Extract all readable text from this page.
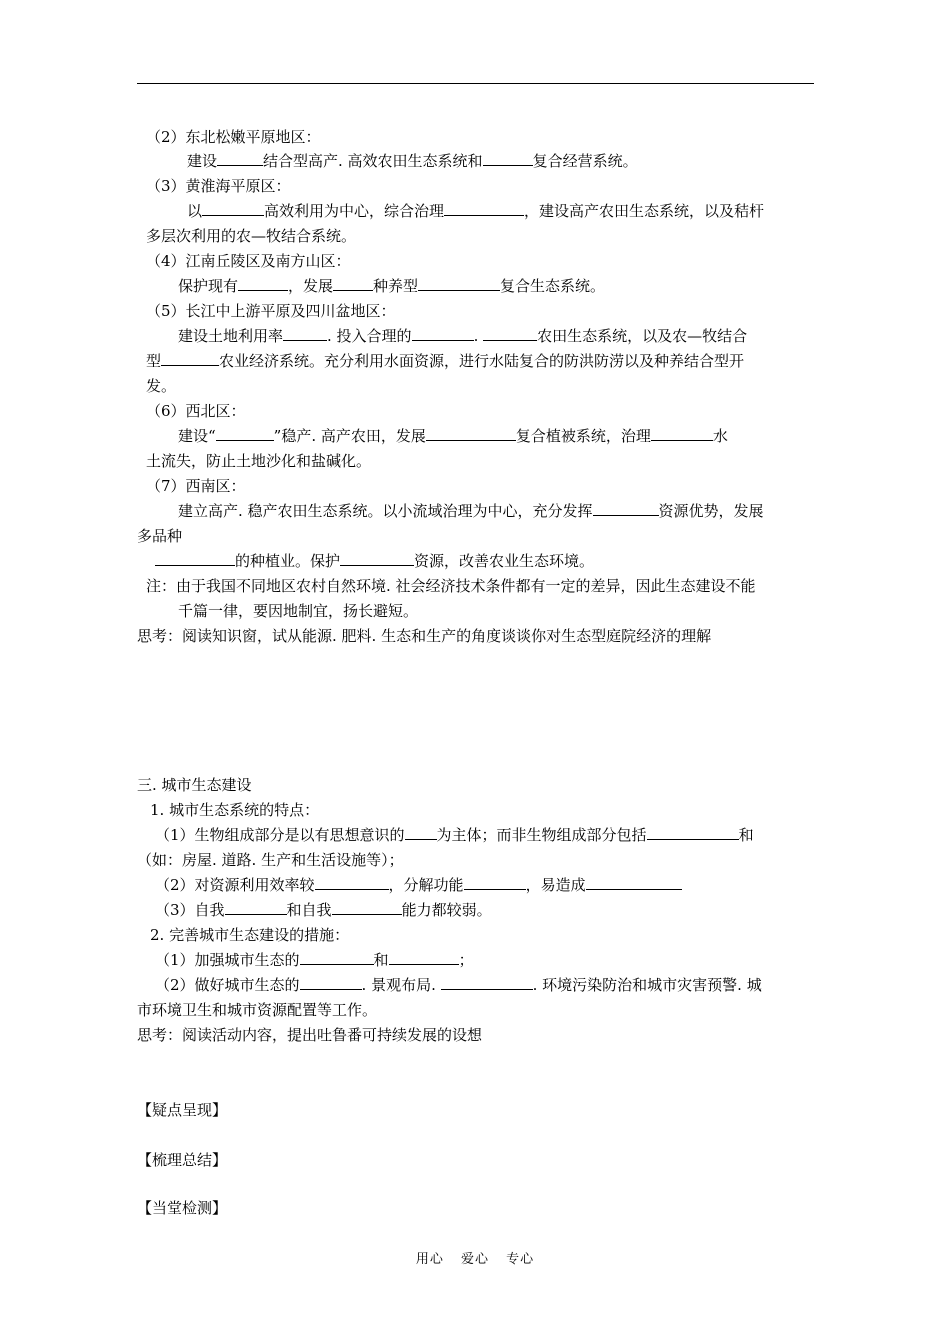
（2）东北松嫩平原地区：
建设	结合型高产. 高效农田生态系统和	复合经营系统。
（3）黄淮海平原区：
以	高效利用为中心，综合治理	，建设高产农田生态系统，以及秸杆
多层次利用的农—牧结合系统。
（4）江南丘陵区及南方山区：
保护现有	，发展	种养型	复合生态系统。
（5）长江中上游平原及四川盆地区：
建设土地利用率	. 投入合理的	.	农田生态系统，以及农—牧结合
型	农业经济系统。充分利用水面资源，进行水陆复合的防洪防涝以及种养结合型开
发。
（6）西北区：
建设“	”稳产. 高产农田，发展	复合植被系统，治理	水
土流失，防止土地沙化和盐碱化。
（7）西南区：
建立高产. 稳产农田生态系统。以小流域治理为中心，充分发挥	资源优势，发展
多品种
的种植业。保护	资源，改善农业生态环境。
注：由于我国不同地区农村自然环境. 社会经济技术条件都有一定的差异，因此生态建设不能
千篇一律，要因地制宜，扬长避短。
思考：阅读知识窗，试从能源. 肥料. 生态和生产的角度谈谈你对生态型庭院经济的理解
三. 城市生态建设
1. 城市生态系统的特点：
（1）生物组成部分是以有思想意识的 为主体；而非生物组成部分包括	和
（如：房屋. 道路. 生产和生活设施等）；
（2）对资源利用效率较	，分解功能	，易造成
（3）自我	和自我	能力都较弱。
2. 完善城市生态建设的措施：
（1）加强城市生态的	和	；
（2）做好城市生态的	. 景观布局.	. 环境污染防治和城市灾害预警. 城
市环境卫生和城市资源配置等工作。
思考：阅读活动内容，提出吐鲁番可持续发展的设想
【疑点呈现】
【梳理总结】
【当堂检测】
用心 爱心 专心
